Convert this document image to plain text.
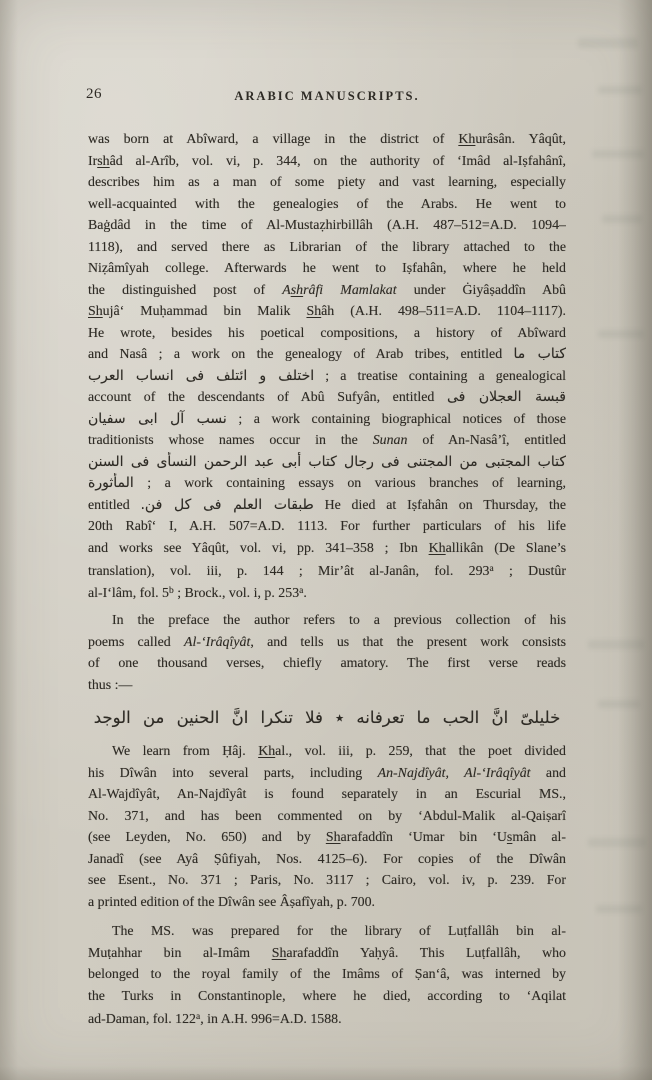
26	ARABIC MANUSCRIPTS.
was born at Abîward, a village in the district of Khurâsân. Yâqût,
Irshâd al-Arîb, vol. vi, p. 344, on the authority of ‘Imâd al-Iṣfahânî,
describes him as a man of some piety and vast learning, especially
well-acquainted with the genealogies of the Arabs. He went to
Baġdâd in the time of Al-Mustaẓhirbillâh (A.H. 487–512=A.D. 1094–
1118), and served there as Librarian of the library attached to the
Niẓâmîyah college. Afterwards he went to Iṣfahân, where he held
the distinguished post of Ashrâfi Mamlakat under Ġiyâṣaddîn Abû
Shujâ‘ Muḥammad bin Malik Shâh (A.H. 498–511=A.D. 1104–1117).
He wrote, besides his poetical compositions, a history of Abîward
and Nasâ ; a work on the genealogy of Arab tribes, entitled كتاب ما
اختلف و ائتلف فى انساب العرب ; a treatise containing a genealogical
account of the descendants of Abû Sufyân, entitled قبسة العجلان فى
نسب آل ابى سفيان ; a work containing biographical notices of those
traditionists whose names occur in the Sunan of An-Nasâ’î, entitled
كتاب المجتبى من المجتنى فى رجال كتاب أبى عبد الرحمن النسأى فى السنن
المأثورة ; a work containing essays on various branches of learning,
entitled طبقات العلم فى كل فن. He died at Iṣfahân on Thursday, the
20th Rabî‘ I, A.H. 507=A.D. 1113. For further particulars of his life
and works see Yâqût, vol. vi, pp. 341–358 ; Ibn Khallikân (De Slane’s
translation), vol. iii, p. 144 ; Mir’ât al-Janân, fol. 293$^a$ ; Dustûr
al-I‘lâm, fol. 5$^b$ ; Brock., vol. i, p. 253$^a$.
In the preface the author refers to a previous collection of his
poems called Al-‘Irâqîyât, and tells us that the present work consists
of one thousand verses, chiefly amatory. The first verse reads
thus :—
خليلىّ انَّ الحب ما تعرفانه ٭ فلا تنكرا انَّ الحنين من الوجد
We learn from Ḥâj. Khal., vol. iii, p. 259, that the poet divided
his Dîwân into several parts, including An-Najdîyât, Al-‘Irâqîyât and
Al-Wajdîyât, An-Najdîyât is found separately in an Escurial MS.,
No. 371, and has been commented on by ‘Abdul-Malik al-Qaiṣarî
(see Leyden, No. 650) and by Sharafaddîn ‘Umar bin ‘Usmân al-
Janadî (see Ayâ Ṣûfiyah, Nos. 4125–6). For copies of the Dîwân
see Esent., No. 371 ; Paris, No. 3117 ; Cairo, vol. iv, p. 239. For
a printed edition of the Dîwân see Âṣafîyah, p. 700.
The MS. was prepared for the library of Luṭfallâh bin al-
Muṭahhar bin al-Imâm Sharafaddîn Yaḥyâ. This Luṭfallâh, who
belonged to the royal family of the Imâms of Ṣan‘â, was interned by
the Turks in Constantinople, where he died, according to ‘Aqilat
ad-Daman, fol. 122$^a$, in A.H. 996=A.D. 1588.
